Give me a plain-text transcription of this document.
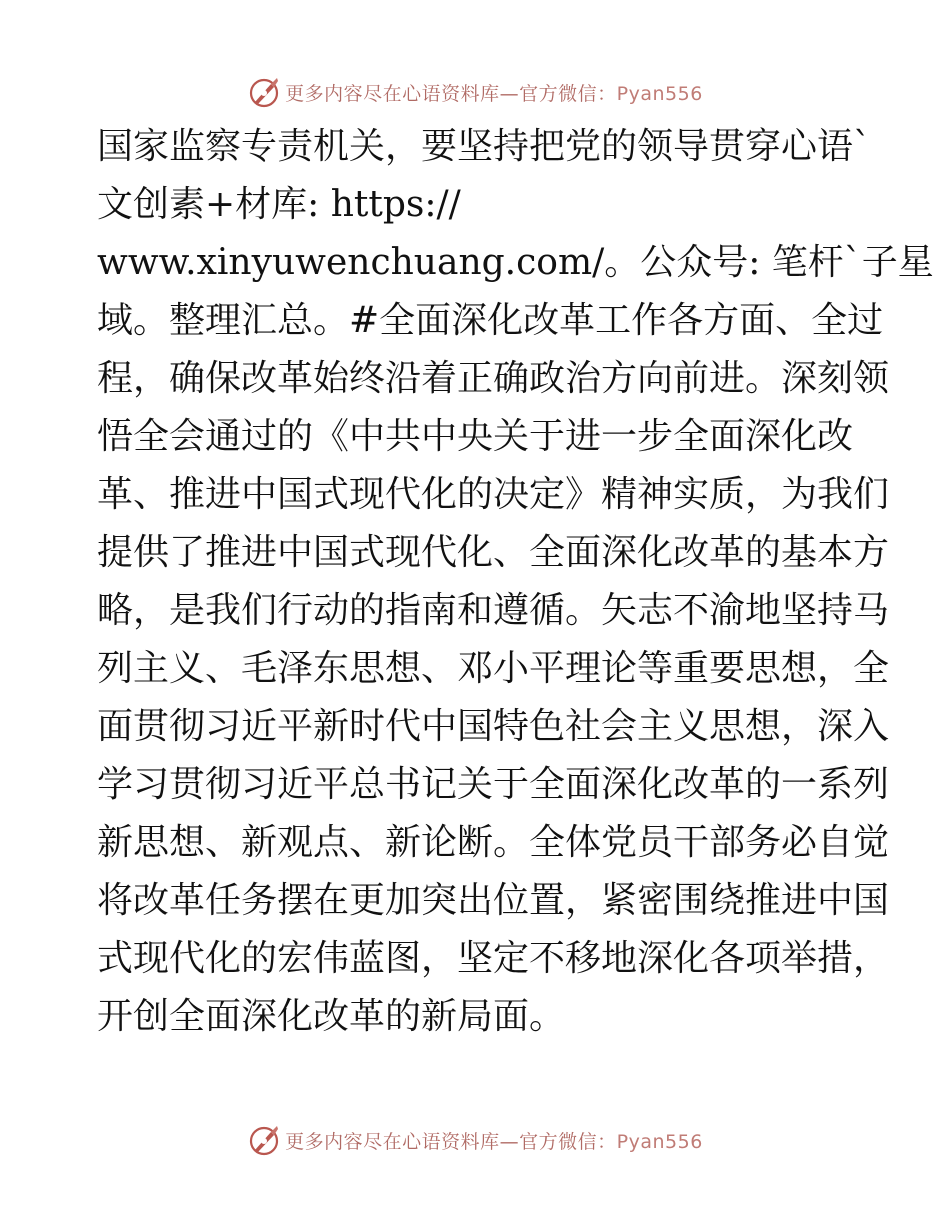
更多内容尽在心语资料库—官方微信：Pyan556
国家监察专责机关，要坚持把党的领导贯穿心语`
文创素+材库: https://
www.xinyuwenchuang.com/。公众号: 笔杆`子星
域。整理汇总。#全面深化改革工作各方面、全过
程，确保改革始终沿着正确政治方向前进。深刻领
悟全会通过的《中共中央关于进一步全面深化改
革、推进中国式现代化的决定》精神实质，为我们
提供了推进中国式现代化、全面深化改革的基本方
略，是我们行动的指南和遵循。矢志不渝地坚持马
列主义、毛泽东思想、邓小平理论等重要思想，全
面贯彻习近平新时代中国特色社会主义思想，深入
学习贯彻习近平总书记关于全面深化改革的一系列
新思想、新观点、新论断。全体党员干部务必自觉
将改革任务摆在更加突出位置，紧密围绕推进中国
式现代化的宏伟蓝图，坚定不移地深化各项举措，
开创全面深化改革的新局面。
更多内容尽在心语资料库—官方微信：Pyan556
